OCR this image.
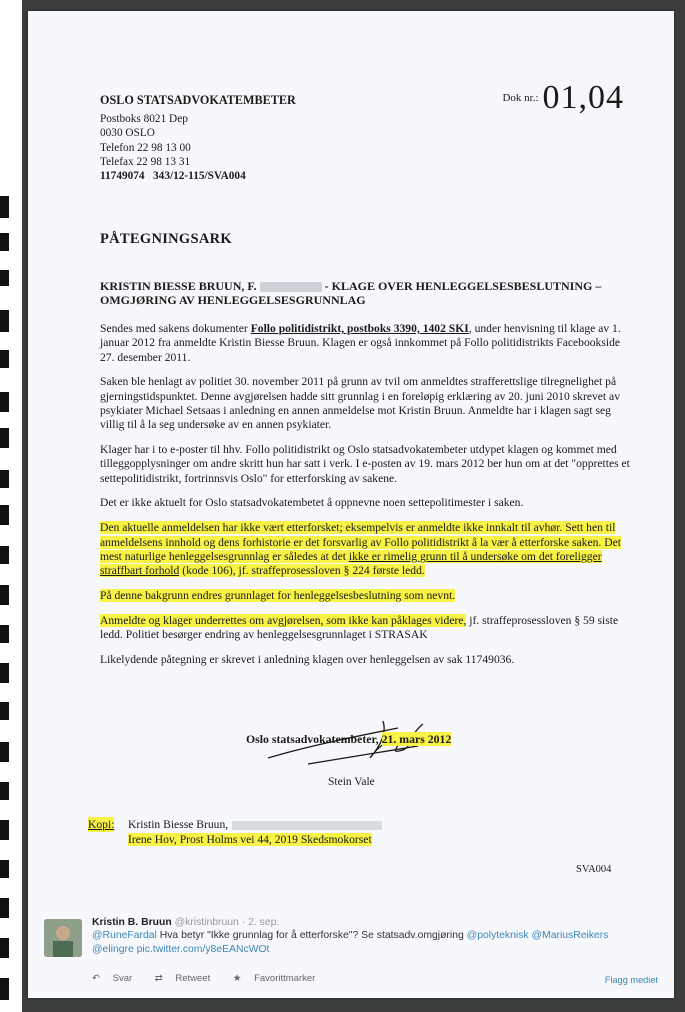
OSLO STATSADVOKATEMBETER
Postboks 8021 Dep
0030 OSLO
Telefon 22 98 13 00
Telefax 22 98 13 31
11749074   343/12-115/SVA004
Dok nr.: 01,04
PÅTEGNINGSARK
KRISTIN BIESSE BRUUN, F.	- KLAGE OVER HENLEGGELSESBESLUTNING –
OMGJØRING AV HENLEGGELSESGRUNNLAG

Sendes med sakens dokumenter Follo politidistrikt, postboks 3390, 1402 SKI, under henvisning til klage av 1. januar 2012 fra anmeldte Kristin Biesse Bruun. Klagen er også innkommet på Follo politidistrikts Facebookside 27. desember 2011.

Saken ble henlagt av politiet 30. november 2011 på grunn av tvil om anmeldtes strafferettslige tilregnelighet på gjerningstidspunktet. Denne avgjørelsen hadde sitt grunnlag i en foreløpig erklæring av 20. juni 2010 skrevet av psykiater Michael Setsaas i anledning en annen anmeldelse mot Kristin Bruun. Anmeldte har i klagen sagt seg villig til å la seg undersøke av en annen psykiater.

Klager har i to e-poster til hhv. Follo politidistrikt og Oslo statsadvokatembeter utdypet klagen og kommet med tilleggopplysninger om andre skritt hun har satt i verk. I e-posten av 19. mars 2012 ber hun om at det "opprettes et settepolitidistrikt, fortrinnsvis Oslo" for etterforsking av sakene.

Det er ikke aktuelt for Oslo statsadvokatembetet å oppnevne noen settepolitimester i saken.

Den aktuelle anmeldelsen har ikke vært etterforsket; eksempelvis er anmeldte ikke innkalt til avhør. Sett hen til anmeldelsens innhold og dens forhistorie er det forsvarlig av Follo politidistrikt å la vær å etterforske saken. Det mest naturlige henleggelsesgrunnlag er således at det ikke er rimelig grunn til å undersøke om det foreligger straffbart forhold (kode 106), jf. straffeprosessloven § 224 første ledd.

På denne bakgrunn endres grunnlaget for henleggelsesbeslutning som nevnt.

Anmeldte og klager underrettes om avgjørelsen, som ikke kan påklages videre, jf. straffeprosessloven § 59 siste ledd. Politiet besørger endring av henleggelsesgrunnlaget i STRASAK

Likelydende påtegning er skrevet i anledning klagen over henleggelsen av sak 11749036.

Oslo statsadvokatembeter, 21. mars 2012
Stein Vale
Kopi: Kristin Biesse Bruun,
Irene Hov, Prost Holms vei 44, 2019 Skedsmokorset
SVA004
Kristin B. Bruun @kristinbruun · 2. sep.
@RuneFardal Hva betyr "Ikke grunnlag for å etterforske"? Se statsadv.omgjøring @polyteknisk @MariusReikers
@elingre pic.twitter.com/y8eEANcWOt
↶ Svar ⇄ Retweet ★ Favorittmarker	Flagg mediet
